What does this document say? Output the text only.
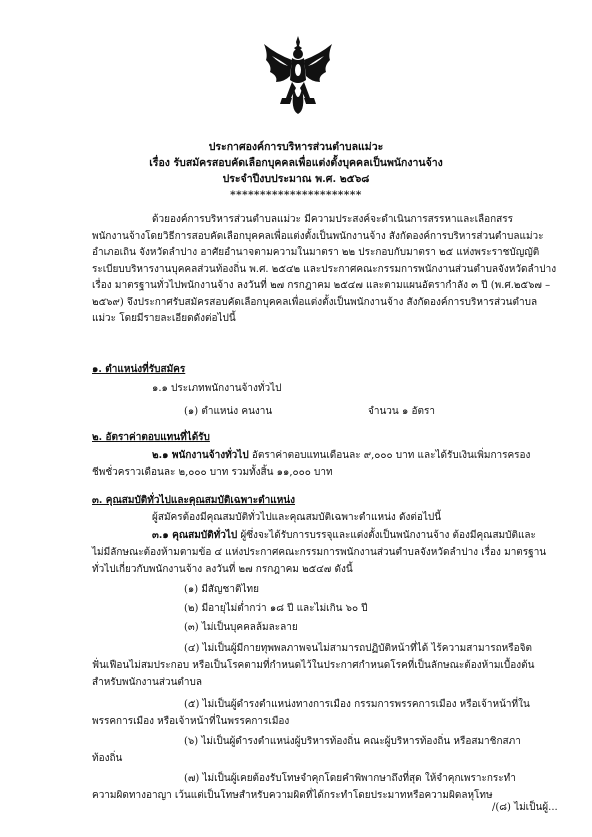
ประกาศองค์การบริหารส่วนตำบลแม่วะ
เรื่อง รับสมัครสอบคัดเลือกบุคคลเพื่อแต่งตั้งบุคคลเป็นพนักงานจ้าง
ประจำปีงบประมาณ พ.ศ. ๒๕๖๘
**********************
ด้วยองค์การบริหารส่วนตำบลแม่วะ มีความประสงค์จะดำเนินการสรรหาและเลือกสรร
พนักงานจ้างโดยวิธีการสอบคัดเลือกบุคคลเพื่อแต่งตั้งเป็นพนักงานจ้าง สังกัดองค์การบริหารส่วนตำบลแม่วะ
อำเภอเถิน จังหวัดลำปาง อาศัยอำนาจตามความในมาตรา ๒๒ ประกอบกับมาตรา ๒๕ แห่งพระราชบัญญัติ
ระเบียบบริหารงานบุคคลส่วนท้องถิ่น พ.ศ. ๒๕๔๒ และประกาศคณะกรรมการพนักงานส่วนตำบลจังหวัดลำปาง
เรื่อง มาตรฐานทั่วไปพนักงานจ้าง ลงวันที่ ๒๗ กรกฎาคม ๒๕๔๗ และตามแผนอัตรากำลัง ๓ ปี (พ.ศ.๒๕๖๗ –
๒๕๖๙) จึงประกาศรับสมัครสอบคัดเลือกบุคคลเพื่อแต่งตั้งเป็นพนักงานจ้าง สังกัดองค์การบริหารส่วนตำบล
แม่วะ โดยมีรายละเอียดดังต่อไปนี้
๑. ตำแหน่งที่รับสมัคร
๑.๑ ประเภทพนักงานจ้างทั่วไป
(๑) ตำแหน่ง คนงาน	จำนวน ๑ อัตรา
๒. อัตราค่าตอบแทนที่ได้รับ
๒.๑ พนักงานจ้างทั่วไป อัตราค่าตอบแทนเดือนละ ๙,๐๐๐ บาท และได้รับเงินเพิ่มการครอง
ชีพชั่วคราวเดือนละ ๒,๐๐๐ บาท รวมทั้งสิ้น ๑๑,๐๐๐ บาท
๓. คุณสมบัติทั่วไปและคุณสมบัติเฉพาะตำแหน่ง
ผู้สมัครต้องมีคุณสมบัติทั่วไปและคุณสมบัติเฉพาะตำแหน่ง ดังต่อไปนี้
๓.๑ คุณสมบัติทั่วไป ผู้ซึ่งจะได้รับการบรรจุและแต่งตั้งเป็นพนักงานจ้าง ต้องมีคุณสมบัติและ
ไม่มีลักษณะต้องห้ามตามข้อ ๔ แห่งประกาศคณะกรรมการพนักงานส่วนตำบลจังหวัดลำปาง เรื่อง มาตรฐาน
ทั่วไปเกี่ยวกับพนักงานจ้าง ลงวันที่ ๒๗ กรกฎาคม ๒๕๔๗ ดังนี้
(๑) มีสัญชาติไทย
(๒) มีอายุไม่ต่ำกว่า ๑๘ ปี และไม่เกิน ๖๐ ปี
(๓) ไม่เป็นบุคคลล้มละลาย
(๔) ไม่เป็นผู้มีกายทุพพลภาพจนไม่สามารถปฏิบัติหน้าที่ได้ ไร้ความสามารถหรือจิต
ฟั่นเฟือนไม่สมประกอบ หรือเป็นโรคตามที่กำหนดไว้ในประกาศกำหนดโรคที่เป็นลักษณะต้องห้ามเบื้องต้น
สำหรับพนักงานส่วนตำบล
(๕) ไม่เป็นผู้ดำรงตำแหน่งทางการเมือง กรรมการพรรคการเมือง หรือเจ้าหน้าที่ใน
พรรคการเมือง หรือเจ้าหน้าที่ในพรรคการเมือง
(๖) ไม่เป็นผู้ดำรงตำแหน่งผู้บริหารท้องถิ่น คณะผู้บริหารท้องถิ่น หรือสมาชิกสภา
ท้องถิ่น
(๗) ไม่เป็นผู้เคยต้องรับโทษจำคุกโดยคำพิพากษาถึงที่สุด ให้จำคุกเพราะกระทำ
ความผิดทางอาญา เว้นแต่เป็นโทษสำหรับความผิดที่ได้กระทำโดยประมาทหรือความผิดลหุโทษ
/(๘) ไม่เป็นผู้...
